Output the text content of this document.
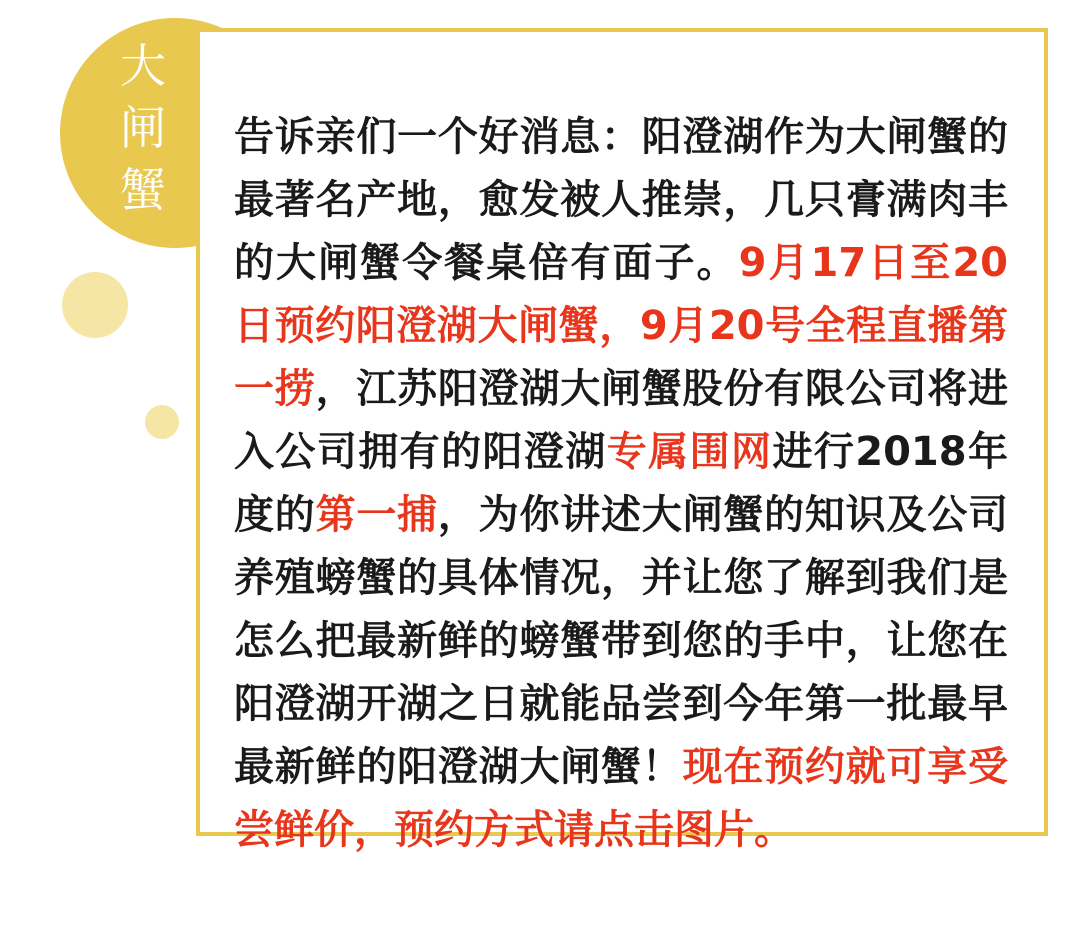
大
闸
蟹

告诉亲们一个好消息：阳澄湖作为大闸蟹的最著名产地，愈发被人推崇，几只膏满肉丰的大闸蟹令餐桌倍有面子。9月17日至20日预约阳澄湖大闸蟹，9月20号全程直播第一捞，江苏阳澄湖大闸蟹股份有限公司将进入公司拥有的阳澄湖专属围网进行2018年度的第一捕，为你讲述大闸蟹的知识及公司养殖螃蟹的具体情况，并让您了解到我们是怎么把最新鲜的螃蟹带到您的手中，让您在阳澄湖开湖之日就能品尝到今年第一批最早最新鲜的阳澄湖大闸蟹！现在预约就可享受尝鲜价，预约方式请点击图片。
